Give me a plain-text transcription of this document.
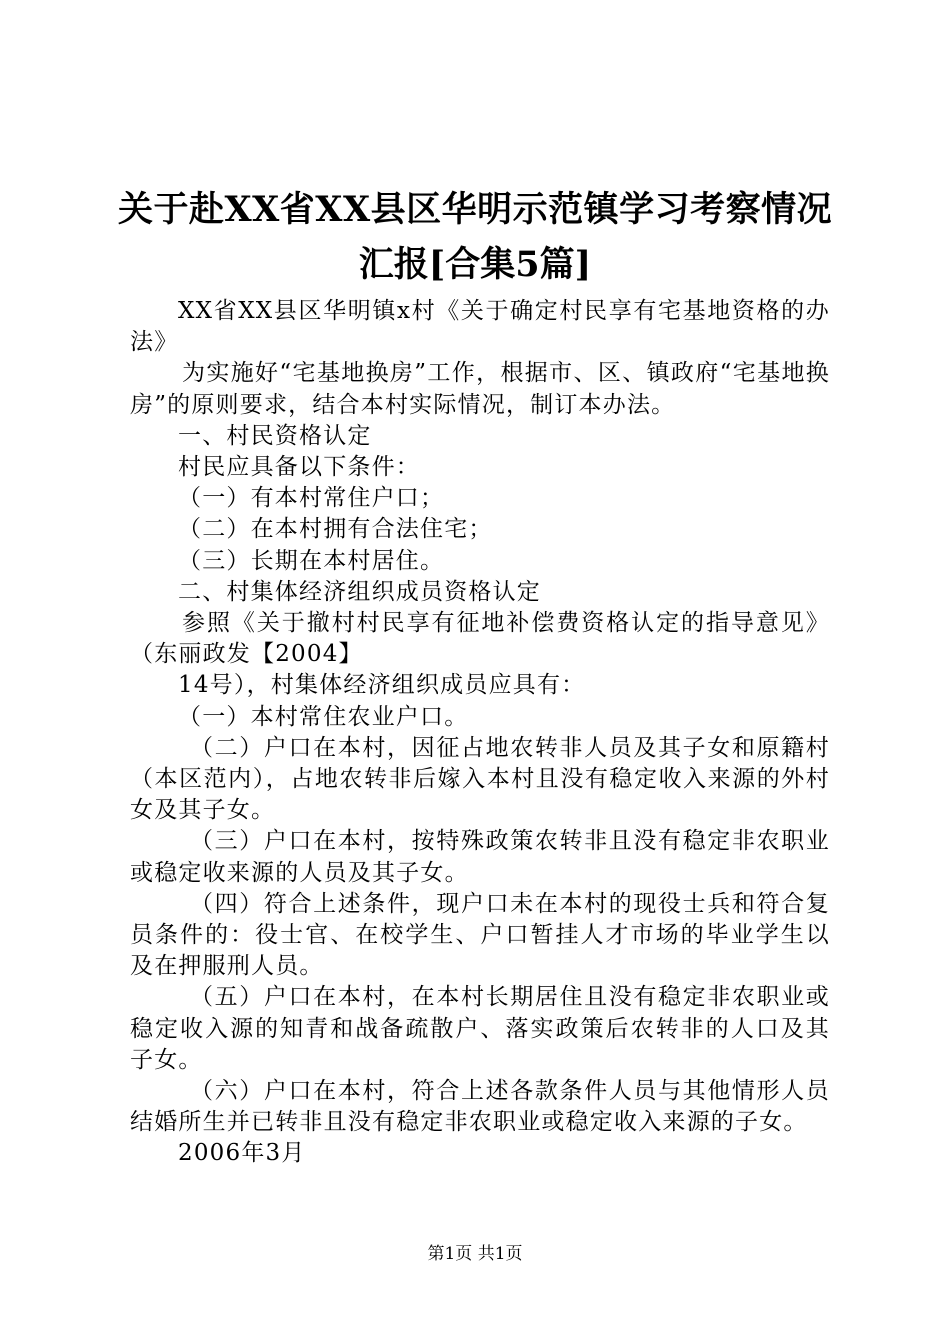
关于赴XX省XX县区华明示范镇学习考察情况
汇报[合集5篇]

XX省XX县区华明镇x村《关于确定村民享有宅基地资格的办法》

为实施好“宅基地换房”工作，根据市、区、镇政府“宅基地换房”的原则要求，结合本村实际情况，制订本办法。

一、村民资格认定

村民应具备以下条件：

（一）有本村常住户口；

（二）在本村拥有合法住宅；

（三）长期在本村居住。

二、村集体经济组织成员资格认定

参照《关于撤村村民享有征地补偿费资格认定的指导意见》（东丽政发【2004】

14号），村集体经济组织成员应具有：

（一）本村常住农业户口。

（二）户口在本村，因征占地农转非人员及其子女和原籍村（本区范内），占地农转非后嫁入本村且没有稳定收入来源的外村女及其子女。

（三）户口在本村，按特殊政策农转非且没有稳定非农职业或稳定收来源的人员及其子女。

（四）符合上述条件，现户口未在本村的现役士兵和符合复员条件的：役士官、在校学生、户口暂挂人才市场的毕业学生以及在押服刑人员。

（五）户口在本村，在本村长期居住且没有稳定非农职业或稳定收入源的知青和战备疏散户、落实政策后农转非的人口及其子女。

（六）户口在本村，符合上述各款条件人员与其他情形人员结婚所生并已转非且没有稳定非农职业或稳定收入来源的子女。

2006年3月

第1页 共1页
